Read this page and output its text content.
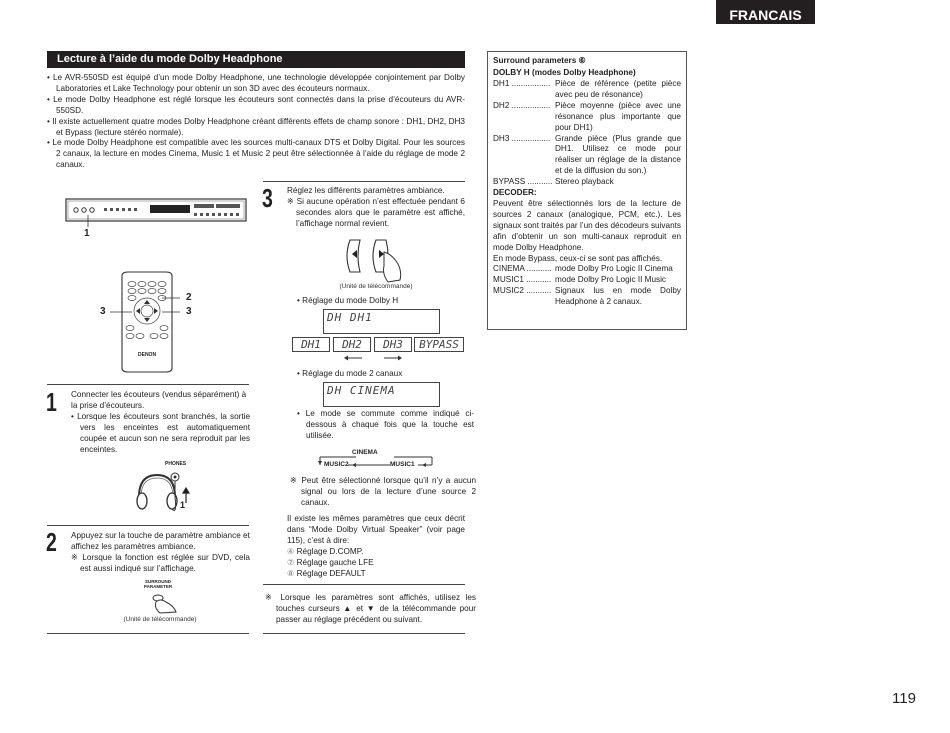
FRANCAIS
Lecture à l’aide du mode Dolby Headphone
• Le AVR-550SD est équipé d’un mode Dolby Headphone, une technologie développée conjointement par Dolby Laboratories et Lake Technology pour obtenir un son 3D avec des écouteurs normaux.
• Le mode Dolby Headphone est réglé lorsque les écouteurs sont connectés dans la prise d’écouteurs du AVR-550SD.
• Il existe actuellement quatre modes Dolby Headphone créant différents effets de champ sonore : DH1, DH2, DH3 et Bypass (lecture stéréo normale).
• Le mode Dolby Headphone est compatible avec les sources multi-canaux DTS et Dolby Digital. Pour les sources 2 canaux, la lecture en modes Cinema, Music 1 et Music 2 peut être sélectionnée à l’aide du réglage de mode 2 canaux.
1
DENON
2
3	3
1 Connecter les écouteurs (vendus séparément) à la prise d’écouteurs.

• Lorsque les écouteurs sont branchés, la sortie vers les enceintes est automatiquement coupée et aucun son ne sera reproduit par les enceintes.

PHONES
1
2 Appuyez sur la touche de paramètre ambiance et affichez les paramètres ambiance.

※ Lorsque la fonction est réglée sur DVD, cela est aussi indiqué sur l’affichage.

SURROUND PARAMETER
(Unité de télécommande)
3 Réglez les différents paramètres ambiance.

※ Si aucune opération n’est effectuée pendant 6 secondes alors que le paramètre est affiché, l’affichage normal revient.

(Unité de télécommande)
• Réglage du mode Dolby H
DH DH1
DH1	DH2	DH3	BYPASS
• Réglage du mode 2 canaux
DH CINEMA
• Le mode se commute comme indiqué ci-dessous à chaque fois que la touche est utilisée.
CINEMA
MUSIC2	MUSIC1
※ Peut être sélectionné lorsque qu’il n’y a aucun signal ou lors de la lecture d’une source 2 canaux.

Il existe les mêmes paramètres que ceux décrit dans “Mode Dolby Virtual Speaker” (voir page 115), c’est à dire:

④ Réglage D.COMP.

⑦ Réglage gauche LFE

⑧ Réglage DEFAULT

※ Lorsque les paramètres sont affichés, utilisez les touches curseurs ▲ et ▼ de la télécommande pour passer au réglage précédent ou suivant.
Surround parameters ⑥
DOLBY H (modes Dolby Headphone)
DH1 ................. Pièce de référence (petite pièce avec peu de résonance)
DH2 ................. Pièce moyenne (pièce avec une résonance plus importante que pour DH1)
DH3 ................. Grande pièce (Plus grande que DH1. Utilisez ce mode pour réaliser un réglage de la distance et de la diffusion du son.)
BYPASS ........... Stereo playback
DECODER:
Peuvent être sélectionnés lors de la lecture de sources 2 canaux (analogique, PCM, etc.). Les signaux sont traités par l’un des décodeurs suivants afin d’obtenir un son multi-canaux reproduit en mode Dolby Headphone.
En mode Bypass, ceux-ci se sont pas affichés.
CINEMA ........... mode Dolby Pro Logic II Cinema
MUSIC1 ........... mode Dolby Pro Logic II Music
MUSIC2 ........... Signaux lus en mode Dolby Headphone à 2 canaux.
119
